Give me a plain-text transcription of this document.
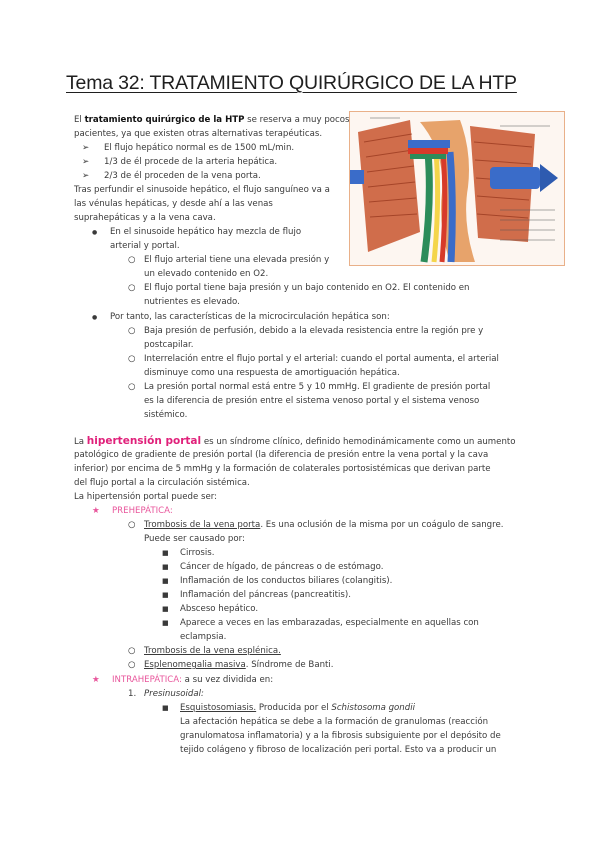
Tema 32: TRATAMIENTO QUIRÚRGICO DE LA HTP
El tratamiento quirúrgico de la HTP se reserva a muy pocos
pacientes, ya que existen otras alternativas terapéuticas.
➢ El flujo hepático normal es de 1500 mL/min.
➢ 1/3 de él procede de la arteria hepática.
➢ 2/3 de él proceden de la vena porta.
Tras perfundir el sinusoide hepático, el flujo sanguíneo va a
las vénulas hepáticas, y desde ahí a las venas
suprahepáticas y a la vena cava.
● En el sinusoide hepático hay mezcla de flujo
arterial y portal.
○ El flujo arterial tiene una elevada presión y
un elevado contenido en O2.
○ El flujo portal tiene baja presión y un bajo contenido en O2. El contenido en
nutrientes es elevado.
● Por tanto, las características de la microcirculación hepática son:
○ Baja presión de perfusión, debido a la elevada resistencia entre la región pre y
postcapilar.
○ Interrelación entre el flujo portal y el arterial: cuando el portal aumenta, el arterial
disminuye como una respuesta de amortiguación hepática.
○ La presión portal normal está entre 5 y 10 mmHg. El gradiente de presión portal
es la diferencia de presión entre el sistema venoso portal y el sistema venoso
sistémico.
La hipertensión portal es un síndrome clínico, definido hemodinámicamente como un aumento
patológico de gradiente de presión portal (la diferencia de presión entre la vena portal y la cava
inferior) por encima de 5 mmHg y la formación de colaterales portosistémicas que derivan parte
del flujo portal a la circulación sistémica.
La hipertensión portal puede ser:
★ PREHEPÁTICA:
○ Trombosis de la vena porta. Es una oclusión de la misma por un coágulo de sangre.
Puede ser causado por:
■ Cirrosis.
■ Cáncer de hígado, de páncreas o de estómago.
■ Inflamación de los conductos biliares (colangitis).
■ Inflamación del páncreas (pancreatitis).
■ Absceso hepático.
■ Aparece a veces en las embarazadas, especialmente en aquellas con
eclampsia.
○ Trombosis de la vena esplénica.
○ Esplenomegalia masiva. Síndrome de Banti.
★ INTRAHEPÁTICA: a su vez dividida en:
1. Presinusoidal:
■ Esquistosomiasis. Producida por el Schistosoma gondii
La afectación hepática se debe a la formación de granulomas (reacción
granulomatosa inflamatoria) y a la fibrosis subsiguiente por el depósito de
tejido colágeno y fibroso de localización peri portal. Esto va a producir un
